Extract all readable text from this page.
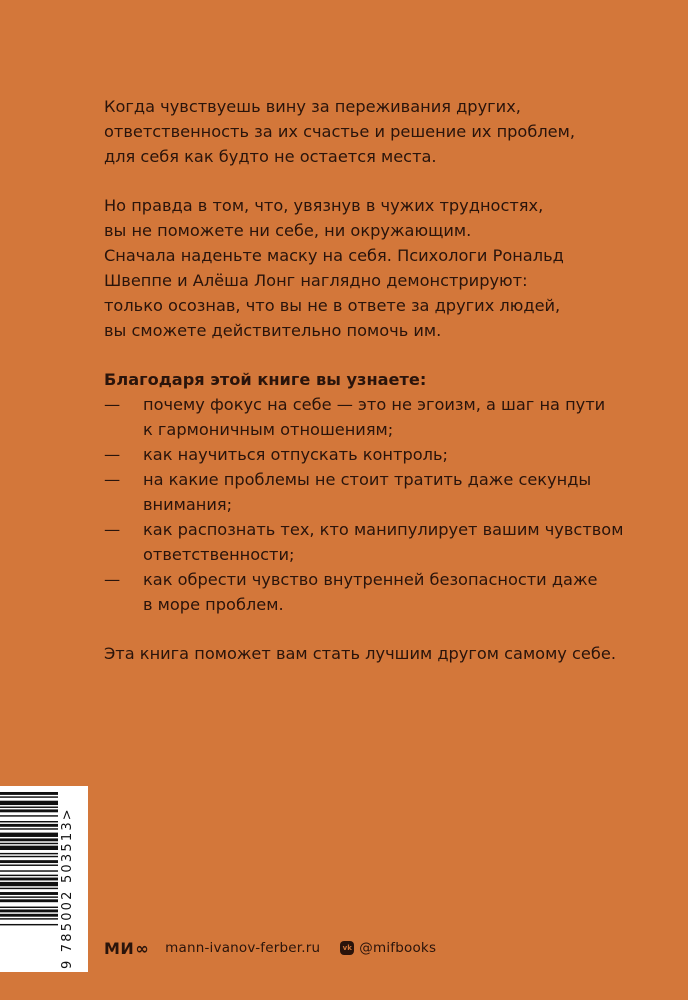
Когда чувствуешь вину за переживания других,
ответственность за их счастье и решение их проблем,
для себя как будто не остается места.
Но правда в том, что, увязнув в чужих трудностях,
вы не поможете ни себе, ни окружающим.
Сначала наденьте маску на себя. Психологи Рональд
Швеппе и Алёша Лонг наглядно демонстрируют:
только осознав, что вы не в ответе за других людей,
вы сможете действительно помочь им.
Благодаря этой книге вы узнаете:
— почему фокус на себе — это не эгоизм, а шаг на пути
к гармоничным отношениям;
— как научиться отпускать контроль;
— на какие проблемы не стоит тратить даже секунды
внимания;
— как распознать тех, кто манипулирует вашим чувством
ответственности;
— как обрести чувство внутренней безопасности даже
в море проблем.
Эта книга поможет вам стать лучшим другом самому себе.
9 785002 503513>
МИ ∞ mann-ivanov-ferber.ru	vk @mifbooks
